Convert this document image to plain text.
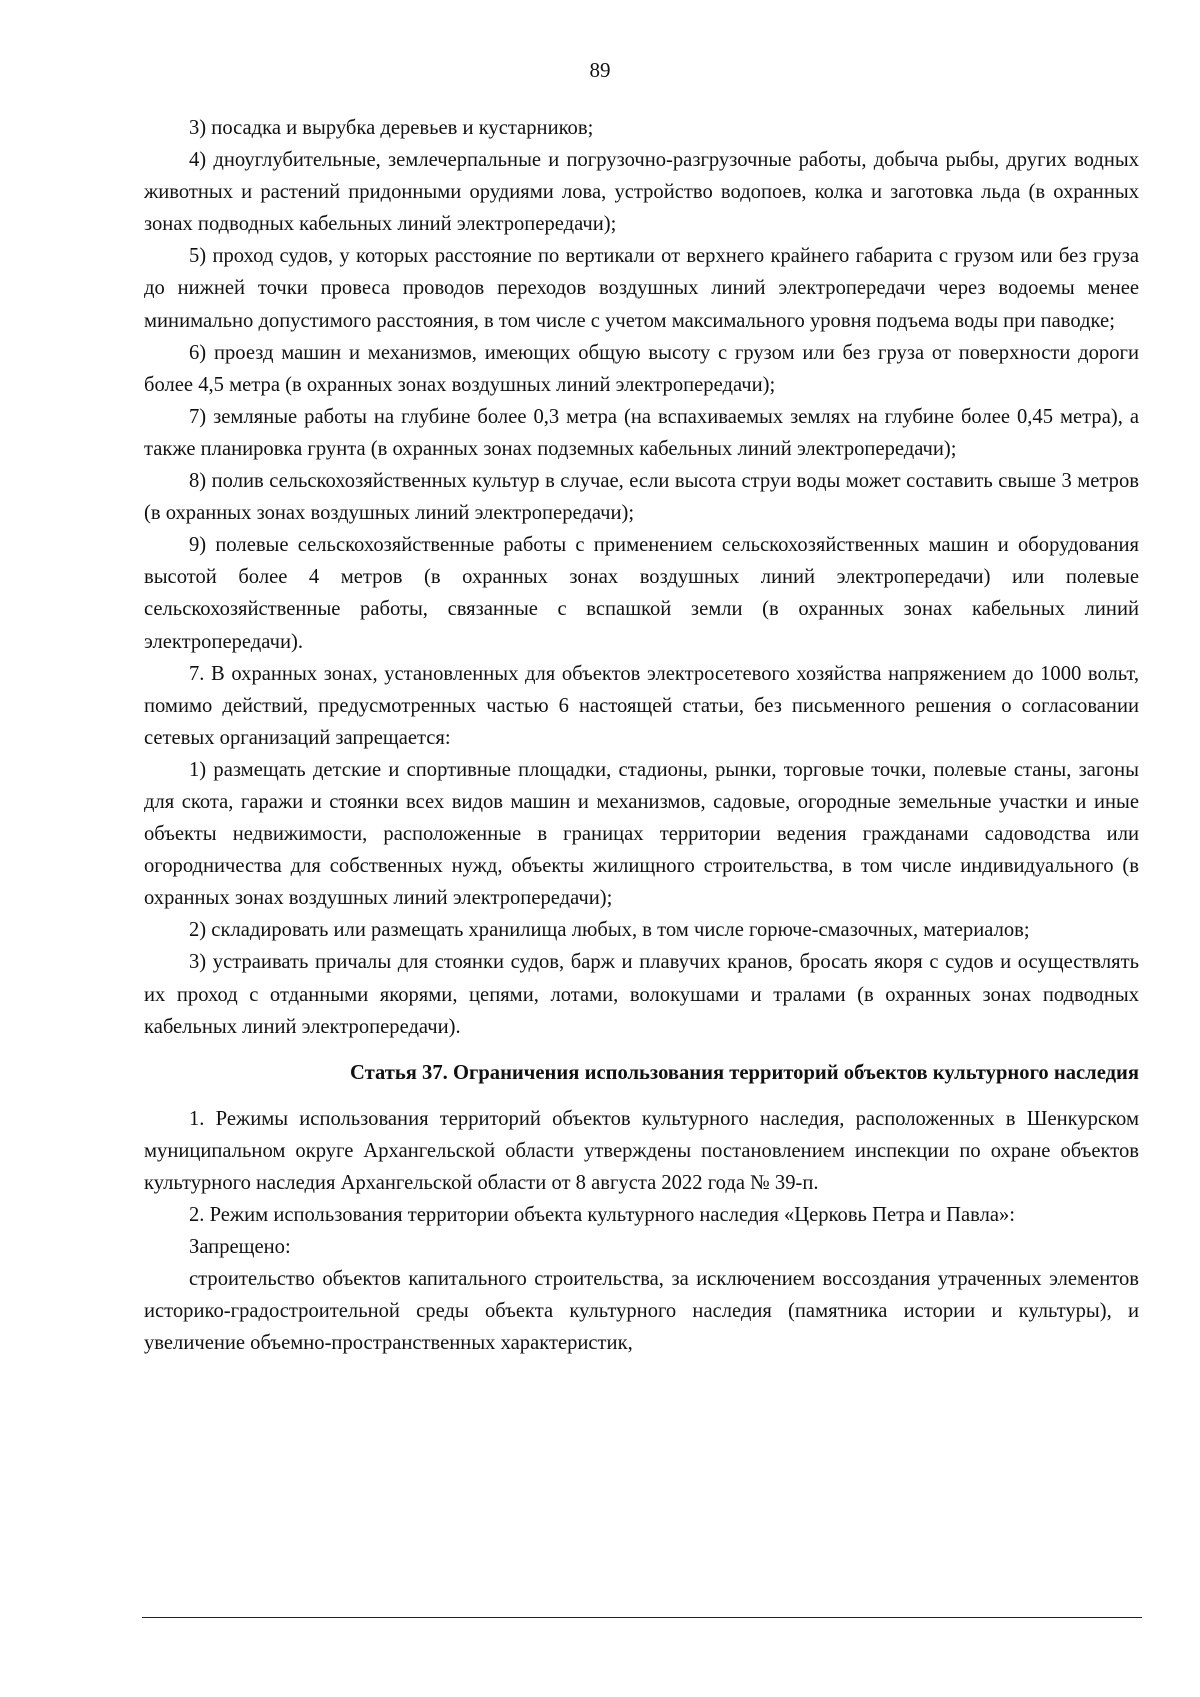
89

3) посадка и вырубка деревьев и кустарников;

4) дноуглубительные, землечерпальные и погрузочно-разгрузочные работы, добыча рыбы, других водных животных и растений придонными орудиями лова, устройство водопоев, колка и заготовка льда (в охранных зонах подводных кабельных линий электропередачи);

5) проход судов, у которых расстояние по вертикали от верхнего крайнего габарита с грузом или без груза до нижней точки провеса проводов переходов воздушных линий электропередачи через водоемы менее минимально допустимого расстояния, в том числе с учетом максимального уровня подъема воды при паводке;

6) проезд машин и механизмов, имеющих общую высоту с грузом или без груза от поверхности дороги более 4,5 метра (в охранных зонах воздушных линий электропередачи);

7) земляные работы на глубине более 0,3 метра (на вспахиваемых землях на глубине более 0,45 метра), а также планировка грунта (в охранных зонах подземных кабельных линий электропередачи);

8) полив сельскохозяйственных культур в случае, если высота струи воды может составить свыше 3 метров (в охранных зонах воздушных линий электропередачи);

9) полевые сельскохозяйственные работы с применением сельскохозяйственных машин и оборудования высотой более 4 метров (в охранных зонах воздушных линий электропередачи) или полевые сельскохозяйственные работы, связанные с вспашкой земли (в охранных зонах кабельных линий электропередачи).

7. В охранных зонах, установленных для объектов электросетевого хозяйства напряжением до 1000 вольт, помимо действий, предусмотренных частью 6 настоящей статьи, без письменного решения о согласовании сетевых организаций запрещается:

1) размещать детские и спортивные площадки, стадионы, рынки, торговые точки, полевые станы, загоны для скота, гаражи и стоянки всех видов машин и механизмов, садовые, огородные земельные участки и иные объекты недвижимости, расположенные в границах территории ведения гражданами садоводства или огородничества для собственных нужд, объекты жилищного строительства, в том числе индивидуального (в охранных зонах воздушных линий электропередачи);

2) складировать или размещать хранилища любых, в том числе горюче-смазочных, материалов;

3) устраивать причалы для стоянки судов, барж и плавучих кранов, бросать якоря с судов и осуществлять их проход с отданными якорями, цепями, лотами, волокушами и тралами (в охранных зонах подводных кабельных линий электропередачи).

Статья 37. Ограничения использования территорий объектов культурного наследия

1. Режимы использования территорий объектов культурного наследия, расположенных в Шенкурском муниципальном округе Архангельской области утверждены постановлением инспекции по охране объектов культурного наследия Архангельской области от 8 августа 2022 года № 39-п.

2. Режим использования территории объекта культурного наследия «Церковь Петра и Павла»:

Запрещено:

строительство объектов капитального строительства, за исключением воссоздания утраченных элементов историко-градостроительной среды объекта культурного наследия (памятника истории и культуры), и увеличение объемно-пространственных характеристик,
